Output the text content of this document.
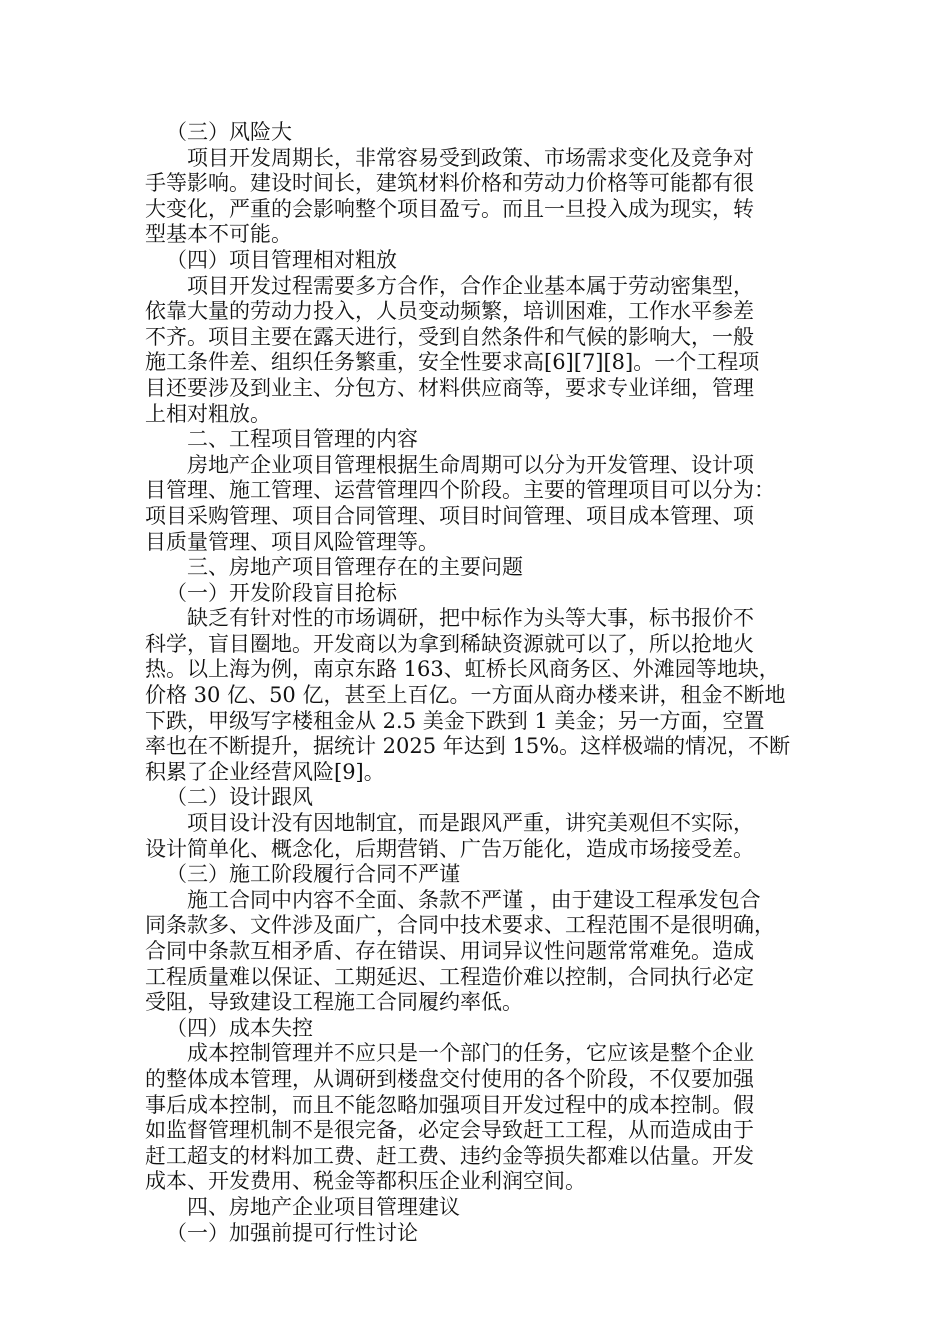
（三）风险大
项目开发周期长，非常容易受到政策、市场需求变化及竞争对
手等影响。建设时间长，建筑材料价格和劳动力价格等可能都有很
大变化，严重的会影响整个项目盈亏。而且一旦投入成为现实，转
型基本不可能。
（四）项目管理相对粗放
项目开发过程需要多方合作，合作企业基本属于劳动密集型，
依靠大量的劳动力投入，人员变动频繁，培训困难，工作水平参差
不齐。项目主要在露天进行，受到自然条件和气候的影响大，一般
施工条件差、组织任务繁重，安全性要求高[6][7][8]。一个工程项
目还要涉及到业主、分包方、材料供应商等，要求专业详细，管理
上相对粗放。
二、工程项目管理的内容
房地产企业项目管理根据生命周期可以分为开发管理、设计项
目管理、施工管理、运营管理四个阶段。主要的管理项目可以分为：
项目采购管理、项目合同管理、项目时间管理、项目成本管理、项
目质量管理、项目风险管理等。
三、房地产项目管理存在的主要问题
（一）开发阶段盲目抢标
缺乏有针对性的市场调研，把中标作为头等大事，标书报价不
科学，盲目圈地。开发商以为拿到稀缺资源就可以了，所以抢地火
热。以上海为例，南京东路 163、虹桥长风商务区、外滩园等地块，
价格 30 亿、50 亿，甚至上百亿。一方面从商办楼来讲，租金不断地
下跌，甲级写字楼租金从 2.5 美金下跌到 1 美金；另一方面，空置
率也在不断提升，据统计 2025 年达到 15%。这样极端的情况，不断
积累了企业经营风险[9]。
（二）设计跟风
项目设计没有因地制宜，而是跟风严重，讲究美观但不实际，
设计简单化、概念化，后期营销、广告万能化，造成市场接受差。
（三）施工阶段履行合同不严谨
施工合同中内容不全面、条款不严谨 ，由于建设工程承发包合
同条款多、文件涉及面广，合同中技术要求、工程范围不是很明确，
合同中条款互相矛盾、存在错误、用词异议性问题常常难免。造成
工程质量难以保证、工期延迟、工程造价难以控制，合同执行必定
受阻，导致建设工程施工合同履约率低。
（四）成本失控
成本控制管理并不应只是一个部门的任务，它应该是整个企业
的整体成本管理，从调研到楼盘交付使用的各个阶段，不仅要加强
事后成本控制，而且不能忽略加强项目开发过程中的成本控制。假
如监督管理机制不是很完备，必定会导致赶工工程，从而造成由于
赶工超支的材料加工费、赶工费、违约金等损失都难以估量。开发
成本、开发费用、税金等都积压企业利润空间。
四、房地产企业项目管理建议
（一）加强前提可行性讨论
